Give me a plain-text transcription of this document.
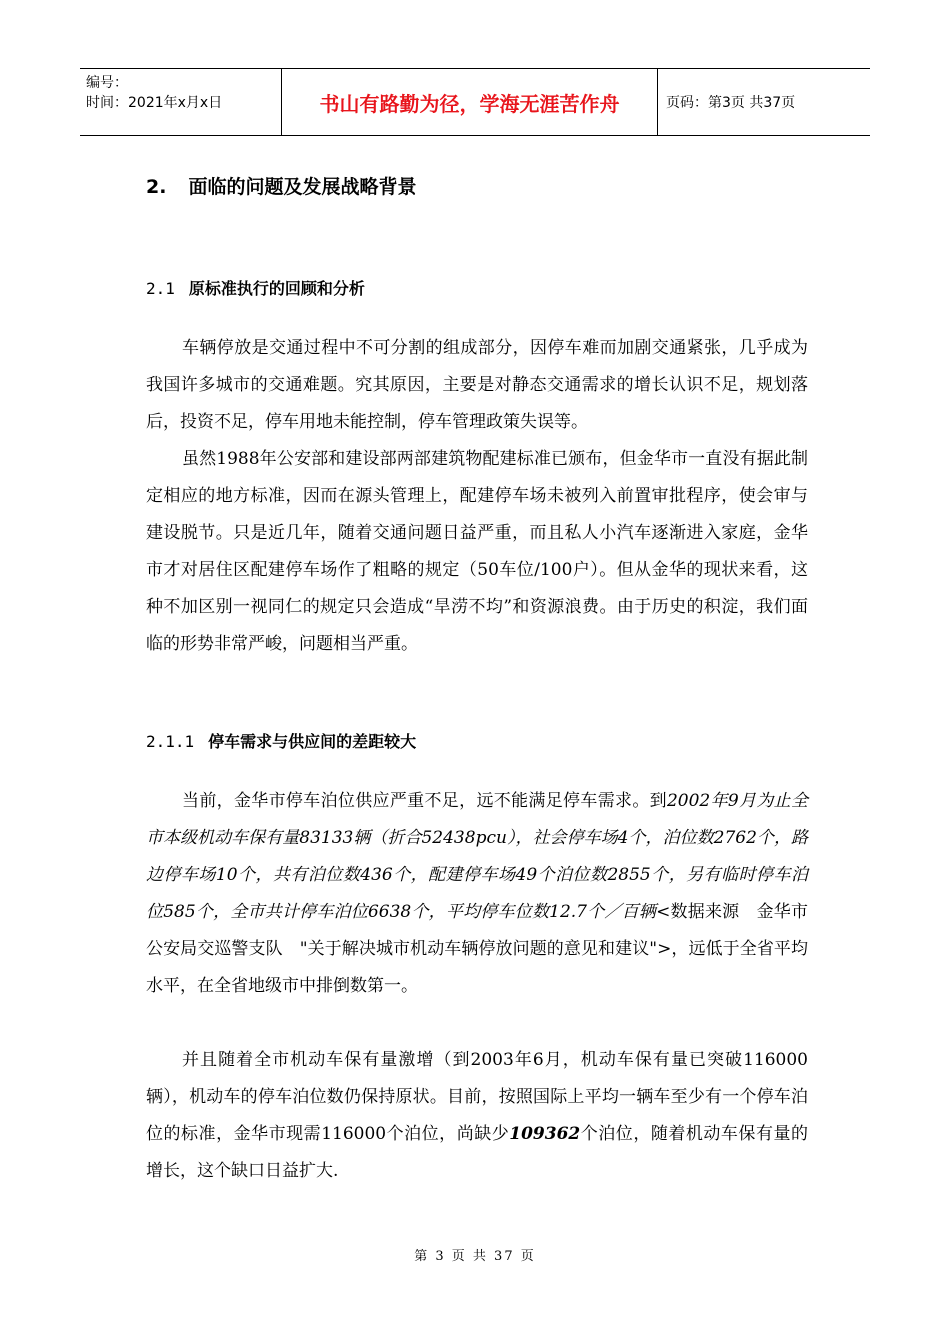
编号：
时间：2021年x月x日	书山有路勤为径，学海无涯苦作舟	页码：第3页 共37页
2. 面临的问题及发展战略背景
2.1 原标准执行的回顾和分析
车辆停放是交通过程中不可分割的组成部分，因停车难而加剧交通紧张，几乎成为我国许多城市的交通难题。究其原因，主要是对静态交通需求的增长认识不足，规划落后，投资不足，停车用地未能控制，停车管理政策失误等。
虽然1988年公安部和建设部两部建筑物配建标准已颁布，但金华市一直没有据此制定相应的地方标准，因而在源头管理上，配建停车场未被列入前置审批程序，使会审与建设脱节。只是近几年，随着交通问题日益严重，而且私人小汽车逐渐进入家庭，金华市才对居住区配建停车场作了粗略的规定（50车位/100户）。但从金华的现状来看，这种不加区别一视同仁的规定只会造成“旱涝不均”和资源浪费。由于历史的积淀，我们面临的形势非常严峻，问题相当严重。
2.1.1 停车需求与供应间的差距较大
当前，金华市停车泊位供应严重不足，远不能满足停车需求。到2002年9月为止全市本级机动车保有量83133辆（折合52438pcu），社会停车场4个，泊位数2762个，路边停车场10个，共有泊位数436个，配建停车场49个泊位数2855个，另有临时停车泊位585个，全市共计停车泊位6638个，平均停车位数12.7个／百辆<数据来源　金华市公安局交巡警支队　"关于解决城市机动车辆停放问题的意见和建议">，远低于全省平均水平，在全省地级市中排倒数第一。
并且随着全市机动车保有量激增（到2003年6月，机动车保有量已突破116000辆），机动车的停车泊位数仍保持原状。目前，按照国际上平均一辆车至少有一个停车泊位的标准，金华市现需116000个泊位，尚缺少109362个泊位，随着机动车保有量的增长，这个缺口日益扩大.
第 3 页 共 37 页
